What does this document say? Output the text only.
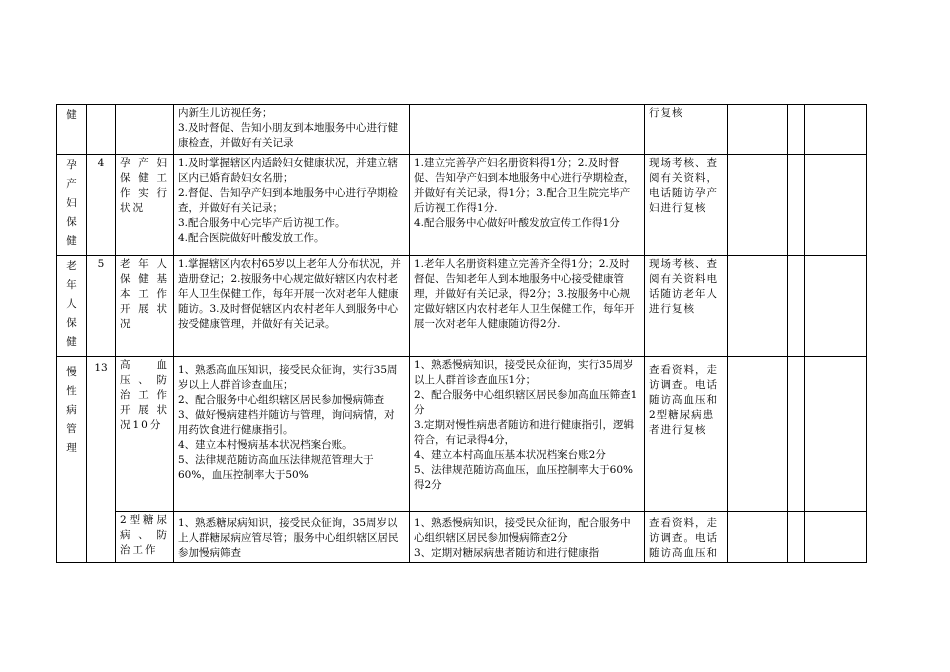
健			内新生儿访视任务；
3.及时督促、告知小朋友到本地服务中心进行健康检查，并做好有关记录		行复核			

孕产妇保健	4	孕产妇保健工作实行状况	1.及时掌握辖区内适龄妇女健康状况，并建立辖区内已婚育龄妇女名册；
2.督促、告知孕产妇到本地服务中心进行孕期检查，并做好有关记录；
3.配合服务中心完毕产后访视工作。
4.配合医院做好叶酸发放工作。	1.建立完善孕产妇名册资料得1分；2.及时督促、告知孕产妇到本地服务中心进行孕期检查，并做好有关记录，得1分；3.配合卫生院完毕产后访视工作得1分.
4.配合服务中心做好叶酸发放宣传工作得1分	现场考核、查阅有关资料，电话随访孕产妇进行复核			

老年人保健	5	老年人保健基本工作开展状况	1.掌握辖区内农村65岁以上老年人分布状况，并造册登记；2.按服务中心规定做好辖区内农村老年人卫生保健工作，每年开展一次对老年人健康随访。3.及时督促辖区内农村老年人到服务中心按受健康管理，并做好有关记录。	1.老年人名册资料建立完善齐全得1分；2.及时督促、告知老年人到本地服务中心接受健康管理，并做好有关记录，得2分；3.按服务中心规定做好辖区内农村老年人卫生保健工作，每年开展一次对老年人健康随访得2分.	现场考核、查阅有关资料电话随访老年人进行复核			

慢性病管理	13	高血压、防治工作开展状况10分	1、熟悉高血压知识，接受民众征询，实行35周岁以上人群首诊查血压；
2、配合服务中心组织辖区居民参加慢病筛查
3、做好慢病建档并随访与管理，询问病情，对用药饮食进行健康指引。
4、建立本村慢病基本状况档案台账。
5、法律规范随访高血压法律规范管理大于60%，血压控制率大于50%	1、熟悉慢病知识，接受民众征询，实行35周岁以上人群首诊查血压1分；
2、配合服务中心组织辖区居民参加高血压筛查1分
3.定期对慢性病患者随访和进行健康指引，逻辑符合，有记录得4分，
4、建立本村高血压基本状况档案台账2分
5、法律规范随访高血压，血压控制率大于60%得2分	查看资料，走访调查。电话随访高血压和2型糖尿病患者进行复核			

		2型糖尿病、防治工作	1、熟悉糖尿病知识，接受民众征询，35周岁以上人群糖尿病应管尽管；服务中心组织辖区居民参加慢病筛查	1、熟悉慢病知识，接受民众征询，配合服务中心组织辖区居民参加慢病筛查2分
3、定期对糖尿病患者随访和进行健康指	查看资料，走访调查。电话随访高血压和			
